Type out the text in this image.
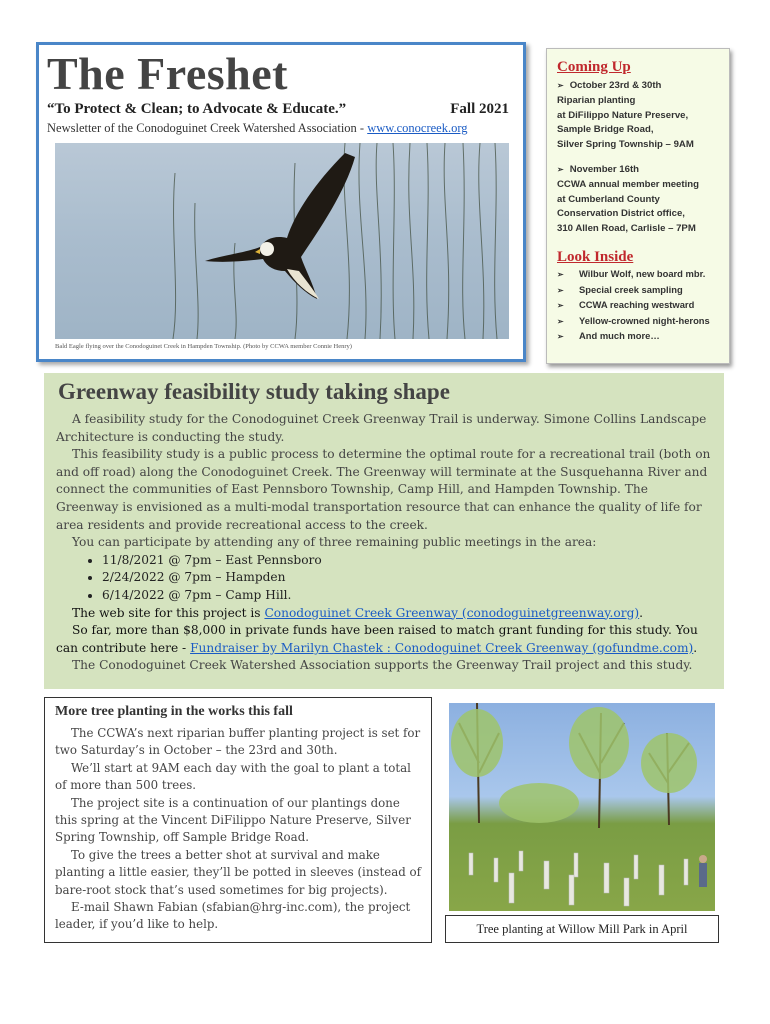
The Freshet
“To Protect & Clean; to Advocate & Educate.”	Fall 2021
Newsletter of the Conodoguinet Creek Watershed Association - www.conocreek.org
Bald Eagle flying over the Conodoguinet Creek in Hampden Township. (Photo by CCWA member Connie Henry)
Coming Up
➢ October 23rd & 30th
Riparian planting
at DiFilippo Nature Preserve,
Sample Bridge Road,
Silver Spring Township – 9AM
➢ November 16th
CCWA annual member meeting
at Cumberland County
Conservation District office,
310 Allen Road, Carlisle – 7PM
Look Inside
➢ Wilbur Wolf, new board mbr.
➢ Special creek sampling
➢ CCWA reaching westward
➢ Yellow-crowned night-herons
➢ And much more…
Greenway feasibility study taking shape

A feasibility study for the Conodoguinet Creek Greenway Trail is underway. Simone Collins Landscape Architecture is conducting the study.

This feasibility study is a public process to determine the optimal route for a recreational trail (both on and off road) along the Conodoguinet Creek. The Greenway will terminate at the Susquehanna River and connect the communities of East Pennsboro Township, Camp Hill, and Hampden Township. The Greenway is envisioned as a multi-modal transportation resource that can enhance the quality of life for area residents and provide recreational access to the creek.

You can participate by attending any of three remaining public meetings in the area:

• 11/8/2021 @ 7pm – East Pennsboro
• 2/24/2022 @ 7pm – Hampden
• 6/14/2022 @ 7pm – Camp Hill.

The web site for this project is Conodoguinet Creek Greenway (conodoguinetgreenway.org).

So far, more than $8,000 in private funds have been raised to match grant funding for this study. You can contribute here - Fundraiser by Marilyn Chastek : Conodoguinet Creek Greenway (gofundme.com).

The Conodoguinet Creek Watershed Association supports the Greenway Trail project and this study.

More tree planting in the works this fall

The CCWA’s next riparian buffer planting project is set for two Saturday’s in October – the 23rd and 30th.

We’ll start at 9AM each day with the goal to plant a total of more than 500 trees.

The project site is a continuation of our plantings done this spring at the Vincent DiFilippo Nature Preserve, Silver Spring Township, off Sample Bridge Road.

To give the trees a better shot at survival and make planting a little easier, they’ll be potted in sleeves (instead of bare-root stock that’s used sometimes for big projects).

E-mail Shawn Fabian (sfabian@hrg-inc.com), the project leader, if you’d like to help.	Tree planting at Willow Mill Park in April
